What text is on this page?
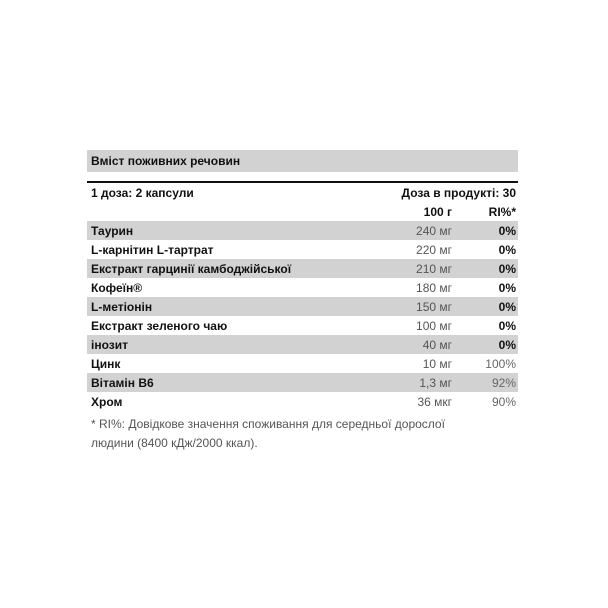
Вміст поживних речовин
1 доза: 2 капсули	Доза в продукті: 30
100 г	RI%*
Таурин	240 мг	0%
L-карнітин L-тартрат	220 мг	0%
Екстракт гарцинії камбоджійської	210 мг	0%
Кофеїн®	180 мг	0%
L-метіонін	150 мг	0%
Екстракт зеленого чаю	100 мг	0%
інозит	40 мг	0%
Цинк	10 мг	100%
Вітамін B6	1,3 мг	92%
Хром	36 мкг	90%
* RI%: Довідкове значення споживання для середньої дорослої людини (8400 кДж/2000 ккал).
